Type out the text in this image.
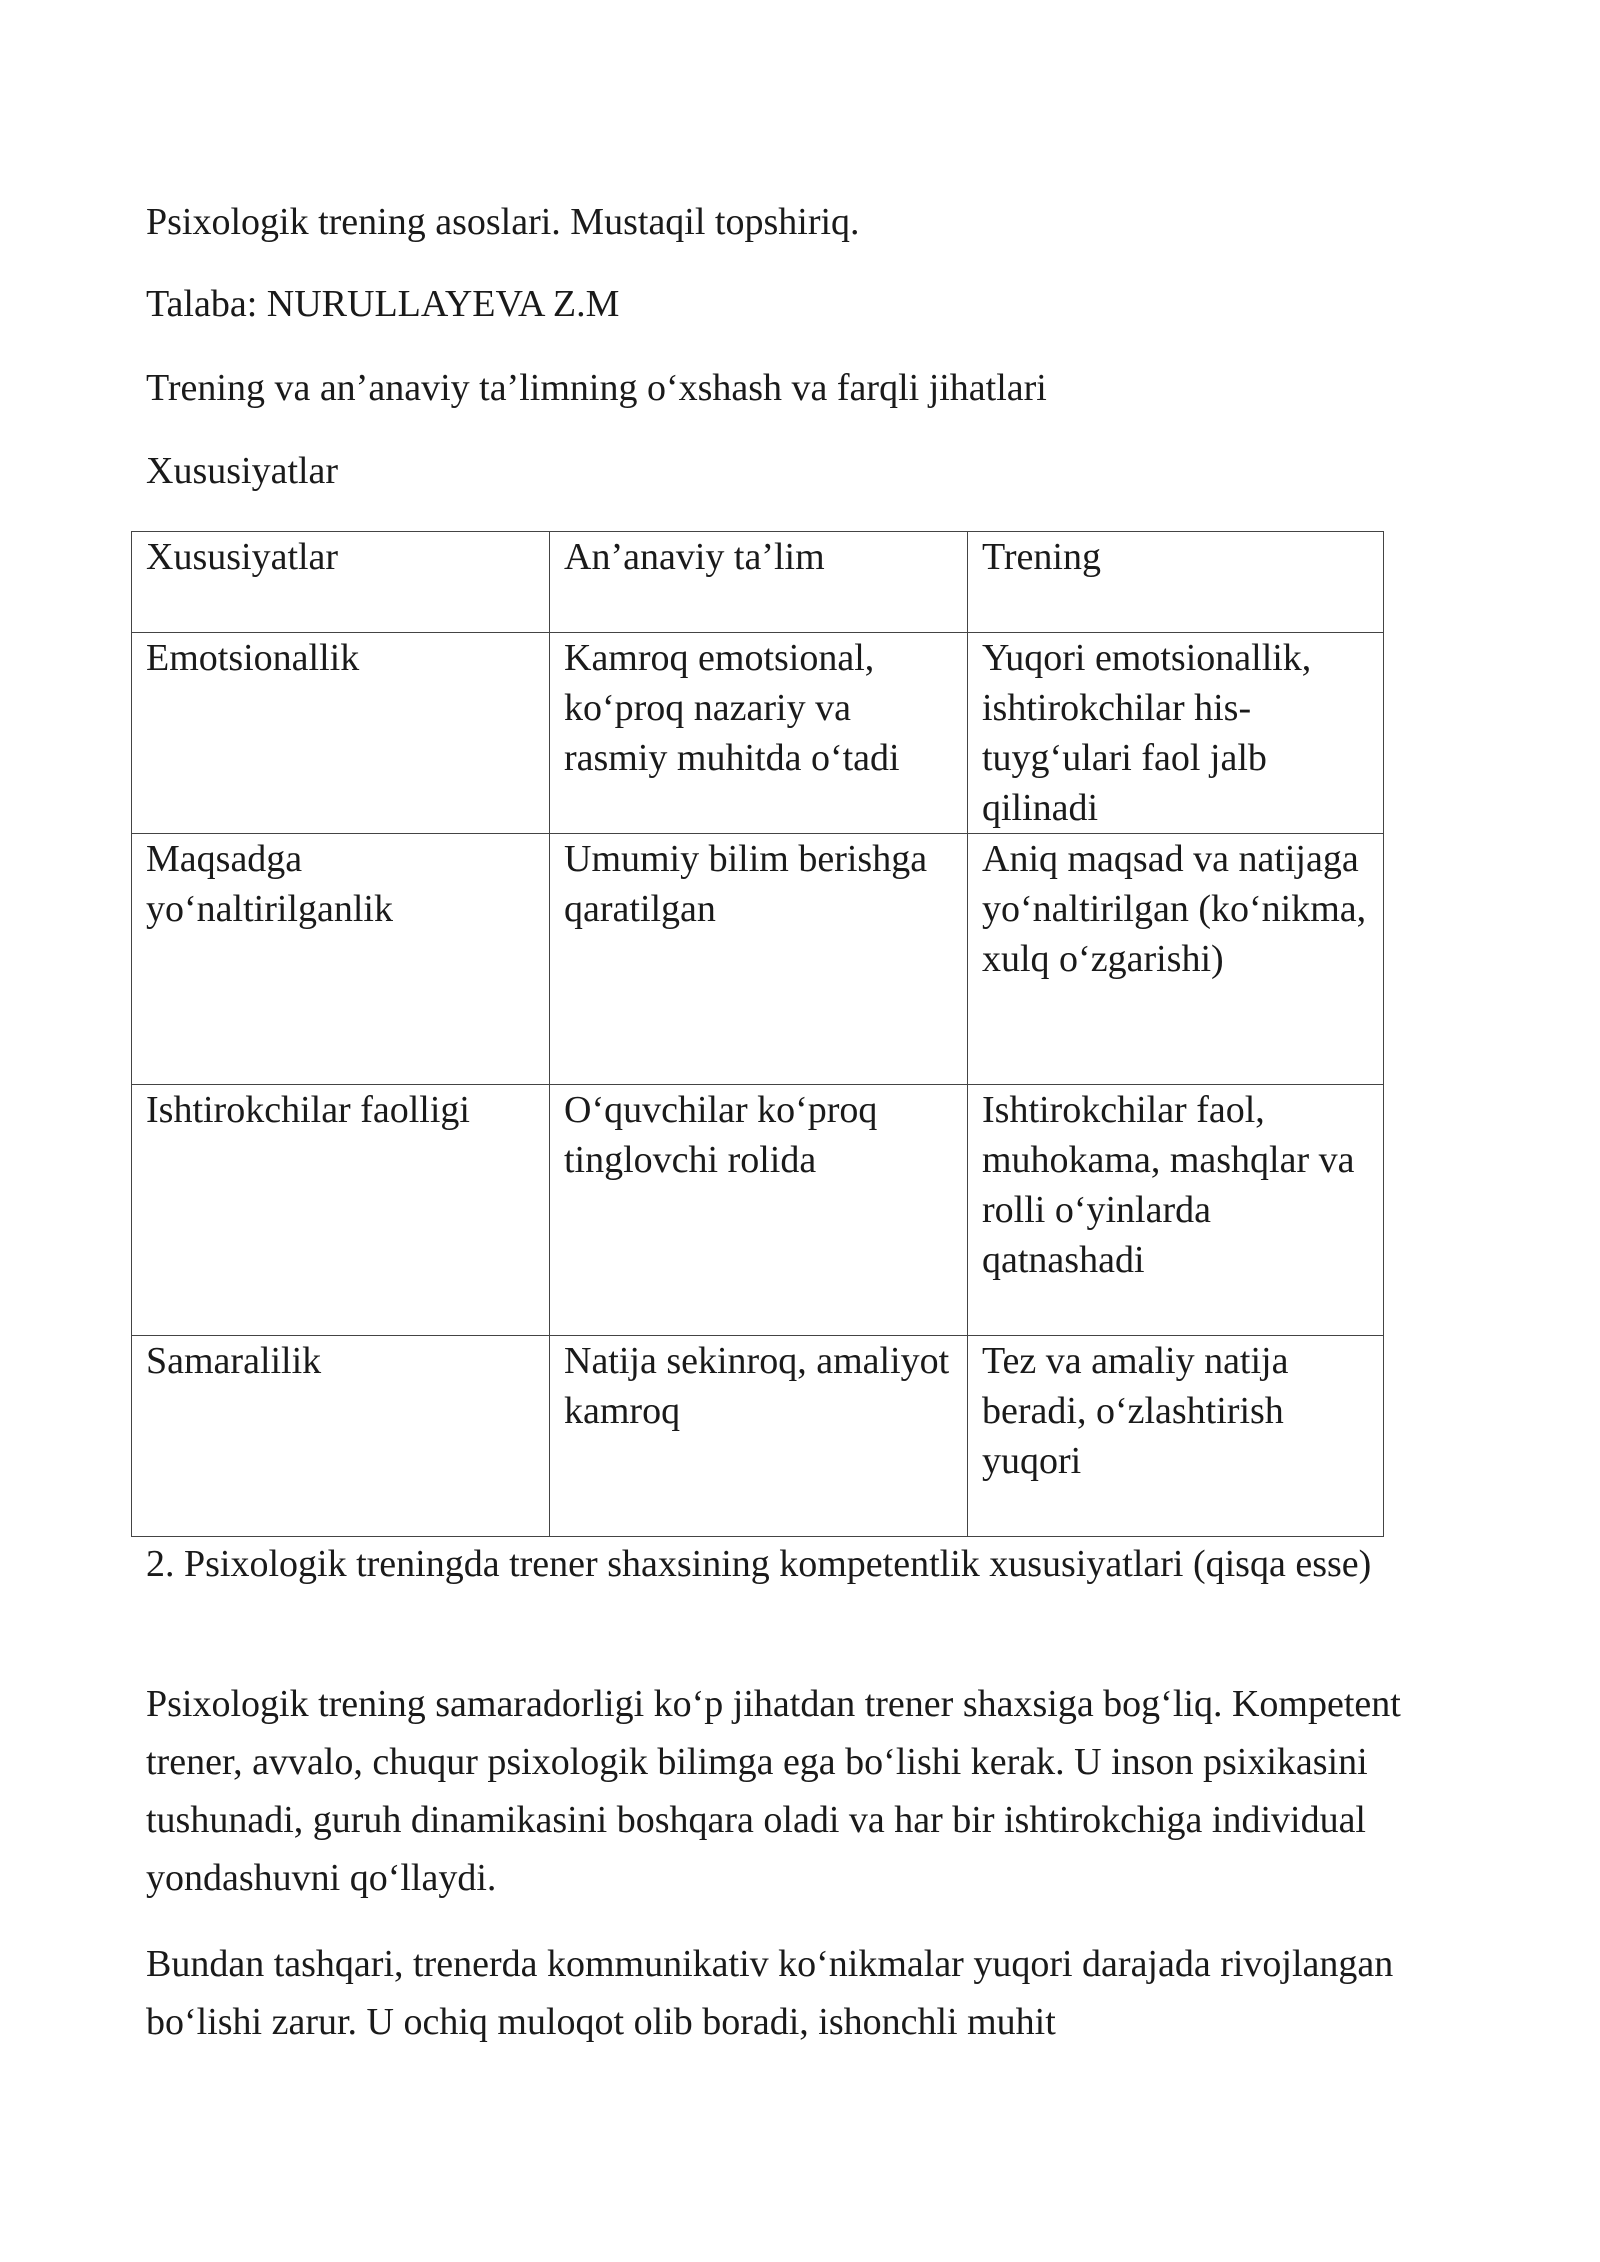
Psixologik trening asoslari. Mustaqil topshiriq.

Talaba: NURULLAYEVA Z.M

Trening va an’anaviy ta’limning o‘xshash va farqli jihatlari

Xususiyatlar

Xususiyatlar	An’anaviy ta’lim	Trening
Emotsionallik	Kamroq emotsional, ko‘proq nazariy va rasmiy muhitda o‘tadi	Yuqori emotsionallik, ishtirokchilar his-tuyg‘ulari faol jalb qilinadi
Maqsadga yo‘naltirilganlik	Umumiy bilim berishga qaratilgan	Aniq maqsad va natijaga yo‘naltirilgan (ko‘nikma, xulq o‘zgarishi)
Ishtirokchilar faolligi	O‘quvchilar ko‘proq tinglovchi rolida	Ishtirokchilar faol, muhokama, mashqlar va rolli o‘yinlarda qatnashadi
Samaralilik	Natija sekinroq, amaliyot kamroq	Tez va amaliy natija beradi, o‘zlashtirish yuqori

2. Psixologik treningda trener shaxsining kompetentlik xususiyatlari (qisqa esse)

Psixologik trening samaradorligi ko‘p jihatdan trener shaxsiga bog‘liq. Kompetent trener, avvalo, chuqur psixologik bilimga ega bo‘lishi kerak. U inson psixikasini tushunadi, guruh dinamikasini boshqara oladi va har bir ishtirokchiga individual yondashuvni qo‘llaydi.

Bundan tashqari, trenerda kommunikativ ko‘nikmalar yuqori darajada rivojlangan bo‘lishi zarur. U ochiq muloqot olib boradi, ishonchli muhit
